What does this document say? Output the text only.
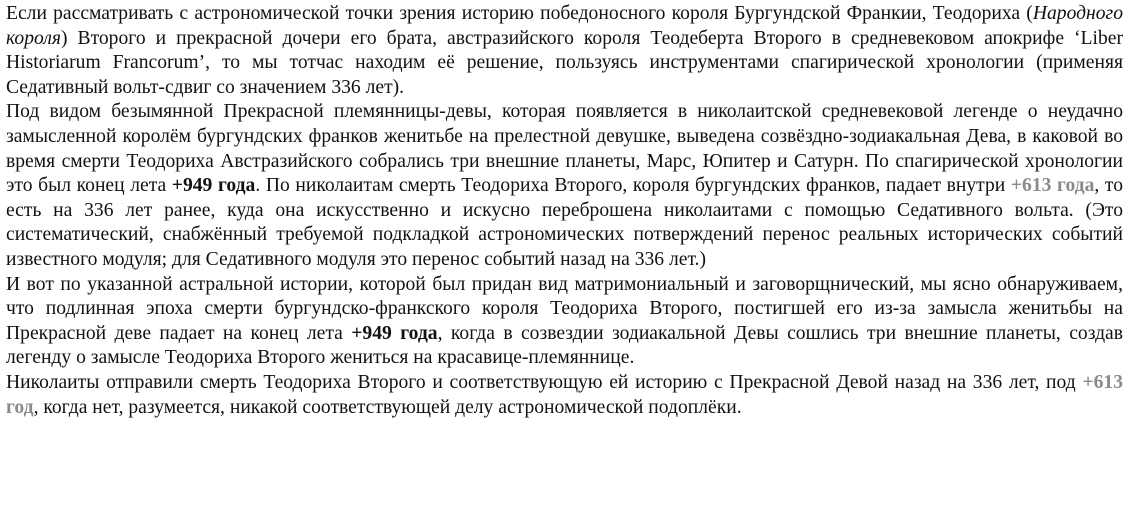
Если рассматривать с астрономической точки зрения историю победоносного короля Бургундской Франкии, Теодориха (Народного короля) Второго и прекрасной дочери его брата, австразийского короля Теодеберта Второго в средневековом апокрифе ‘Liber Historiarum Francorum’, то мы тотчас находим её решение, пользуясь инструментами спагирической хронологии (применяя Седативный вольт-сдвиг со значением 336 лет).

Под видом безымянной Прекрасной племянницы-девы, которая появляется в николаитской средневековой легенде о неудачно замысленной королём бургундских франков женитьбе на прелестной девушке, выведена созвёздно-зодиакальная Дева, в каковой во время смерти Теодориха Австразийского собрались три внешние планеты, Марс, Юпитер и Сатурн. По спагирической хронологии это был конец лета +949 года. По николаитам смерть Теодориха Второго, короля бургундских франков, падает внутри +613 года, то есть на 336 лет ранее, куда она искусственно и искусно переброшена николаитами с помощью Седативного вольта. (Это систематический, снабжённый требуемой подкладкой астрономических потверждений перенос реальных исторических событий известного модуля; для Седативного модуля это перенос событий назад на 336 лет.)

И вот по указанной астральной истории, которой был придан вид матримониальный и заговорщнический, мы ясно обнаруживаем, что подлинная эпоха смерти бургундско-франкского короля Теодориха Второго, постигшей его из-за замысла женитьбы на Прекрасной деве падает на конец лета +949 года, когда в созвездии зодиакальной Девы сошлись три внешние планеты, создав легенду о замысле Теодориха Второго жениться на красавице-племяннице.

Николаиты отправили смерть Теодориха Второго и соответствующую ей историю с Прекрасной Девой назад на 336 лет, под +613 год, когда нет, разумеется, никакой соответствующей делу астрономической подоплёки.
